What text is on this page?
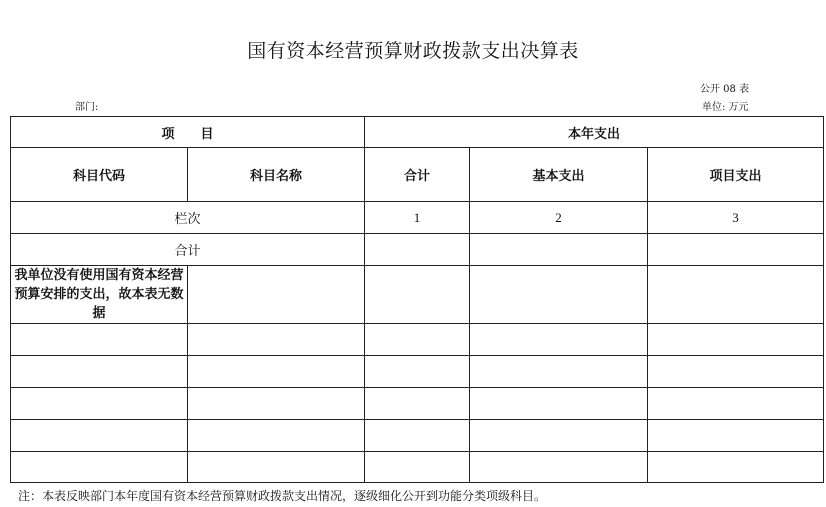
国有资本经营预算财政拨款支出决算表
公开 08 表
部门:	单位: 万元
项　　目		本年支出		
科目代码	科目名称	合计	基本支出	项目支出
栏次		1	2	3
合计				
我单位没有使用国有资本经营预算安排的支出，故本表无数据				

注：本表反映部门本年度国有资本经营预算财政拨款支出情况，逐级细化公开到功能分类项级科目。
